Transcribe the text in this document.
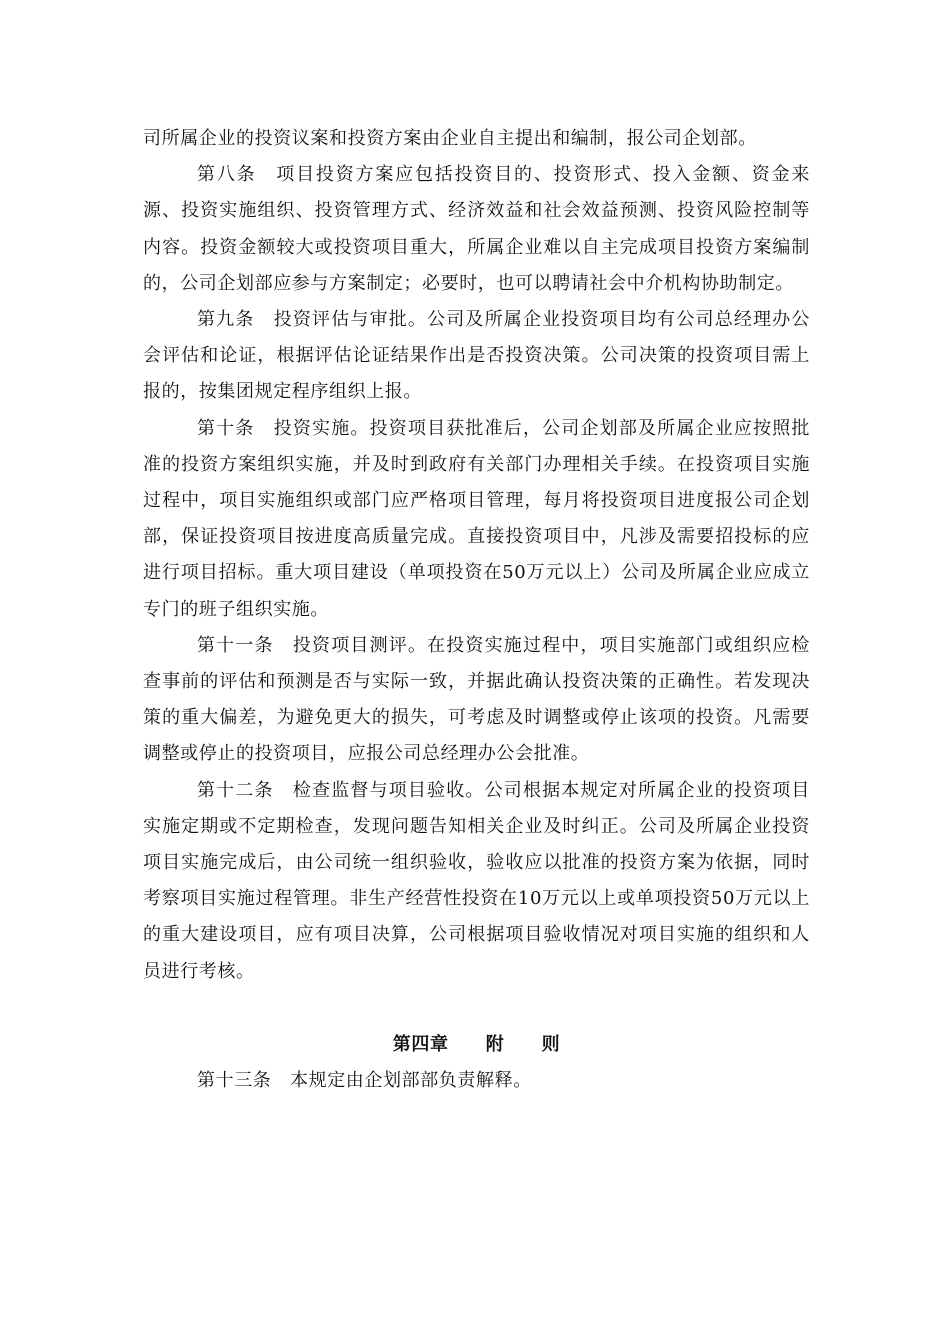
司所属企业的投资议案和投资方案由企业自主提出和编制，报公司企划部。

第八条　项目投资方案应包括投资目的、投资形式、投入金额、资金来源、投资实施组织、投资管理方式、经济效益和社会效益预测、投资风险控制等内容。投资金额较大或投资项目重大，所属企业难以自主完成项目投资方案编制的，公司企划部应参与方案制定；必要时，也可以聘请社会中介机构协助制定。

第九条　投资评估与审批。公司及所属企业投资项目均有公司总经理办公会评估和论证，根据评估论证结果作出是否投资决策。公司决策的投资项目需上报的，按集团规定程序组织上报。

第十条　投资实施。投资项目获批准后，公司企划部及所属企业应按照批准的投资方案组织实施，并及时到政府有关部门办理相关手续。在投资项目实施过程中，项目实施组织或部门应严格项目管理，每月将投资项目进度报公司企划部，保证投资项目按进度高质量完成。直接投资项目中，凡涉及需要招投标的应进行项目招标。重大项目建设（单项投资在50万元以上）公司及所属企业应成立专门的班子组织实施。

第十一条　投资项目测评。在投资实施过程中，项目实施部门或组织应检查事前的评估和预测是否与实际一致，并据此确认投资决策的正确性。若发现决策的重大偏差，为避免更大的损失，可考虑及时调整或停止该项的投资。凡需要调整或停止的投资项目，应报公司总经理办公会批准。

第十二条　检查监督与项目验收。公司根据本规定对所属企业的投资项目实施定期或不定期检查，发现问题告知相关企业及时纠正。公司及所属企业投资项目实施完成后，由公司统一组织验收，验收应以批准的投资方案为依据，同时考察项目实施过程管理。非生产经营性投资在10万元以上或单项投资50万元以上的重大建设项目，应有项目决算，公司根据项目验收情况对项目实施的组织和人员进行考核。

第四章　　附　　则

第十三条　本规定由企划部部负责解释。
